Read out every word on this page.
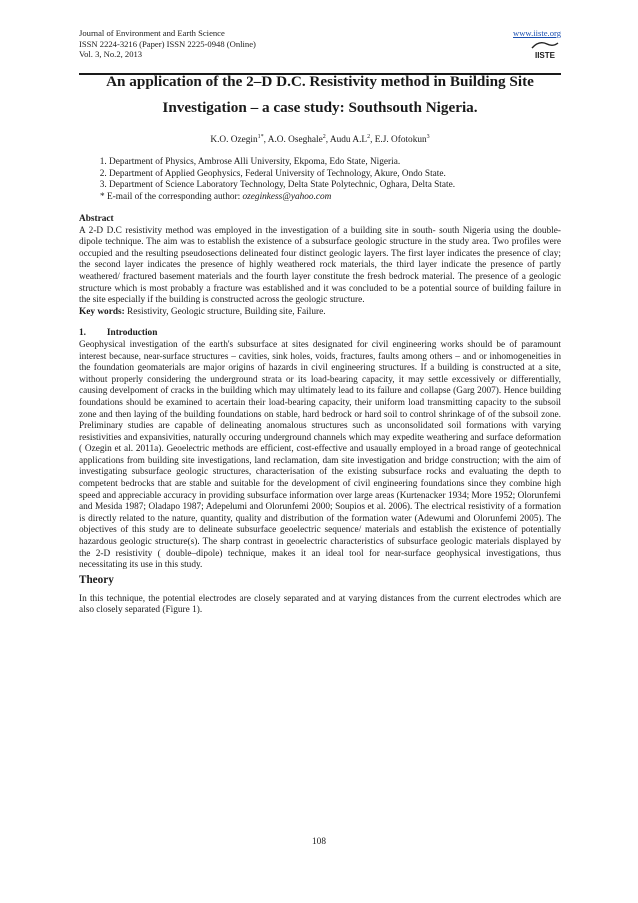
Journal of Environment and Earth Science
ISSN 2224-3216 (Paper) ISSN 2225-0948 (Online)
Vol. 3, No.2, 2013
www.iiste.org
IISTE
An application of the 2–D D.C. Resistivity method in Building Site
Investigation – a case study: Southsouth Nigeria.
K.O. Ozegin$^{1*}$, A.O. Oseghale$^2$, Audu $A.L^2$, E.J. Ofotokun$^3$
1. Department of Physics, Ambrose Alli University, Ekpoma, Edo State, Nigeria.
2. Department of Applied Geophysics, Federal University of Technology, Akure, Ondo State.
3. Department of Science Laboratory Technology, Delta State Polytechnic, Oghara, Delta State.
* E-mail of the corresponding author: ozeginkess@yahoo.com

Abstract

A 2-D D.C resistivity method was employed in the investigation of a building site in south- south Nigeria using the double-dipole technique. The aim was to establish the existence of a subsurface geologic structure in the study area. Two profiles were occupied and the resulting pseudosections delineated four distinct geologic layers. The first layer indicates the presence of clay; the second layer indicates the presence of highly weathered rock materials, the third layer indicate the presence of partly weathered/ fractured basement materials and the fourth layer constitute the fresh bedrock material. The presence of a geologic structure which is most probably a fracture was established and it was concluded to be a potential source of building failure in the site especially if the building is constructed across the geologic structure.

Key words: Resistivity, Geologic structure, Building site, Failure.

1. Introduction

Geophysical investigation of the earth's subsurface at sites designated for civil engineering works should be of paramount interest because, near-surface structures – cavities, sink holes, voids, fractures, faults among others – and or inhomogeneities in the foundation geomaterials are major origins of hazards in civil engineering structures. If a building is constructed at a site, without properly considering the underground strata or its load-bearing capacity, it may settle excessively or differentially, causing develpoment of cracks in the building which may ultimately lead to its failure and collapse (Garg 2007). Hence building foundations should be examined to acertain their load-bearing capacity, their uniform load transmitting capacity to the subsoil zone and then laying of the building foundations on stable, hard bedrock or hard soil to control shrinkage of of the subsoil zone. Preliminary studies are capable of delineating anomalous structures such as unconsolidated soil formations with varying resistivities and expansivities, naturally occuring underground channels which may expedite weathering and surface deformation ( Ozegin et al. 2011a). Geoelectric methods are efficient, cost-effective and usaually employed in a broad range of geotechnical applications from building site investigations, land reclamation, dam site investigation and bridge construction; with the aim of investigating subsurface geologic structures, characterisation of the existing subsurface rocks and evaluating the depth to competent bedrocks that are stable and suitable for the development of civil engineering foundations since they combine high speed and appreciable accuracy in providing subsurface information over large areas (Kurtenacker 1934; More 1952; Olorunfemi and Mesida 1987; Oladapo 1987; Adepelumi and Olorunfemi 2000; Soupios et al. 2006). The electrical resistivity of a formation is directly related to the nature, quantity, quality and distribution of the formation water (Adewumi and Olorunfemi 2005). The objectives of this study are to delineate subsurface geoelectric sequence/ materials and establish the existence of potentially hazardous geologic structure(s). The sharp contrast in geoelectric characteristics of subsurface geologic materials displayed by the 2-D resistivity ( double–dipole) technique, makes it an ideal tool for near-surface geophysical investigations, thus necessitating its use in this study.

Theory

In this technique, the potential electrodes are closely separated and at varying distances from the current electrodes which are also closely separated (Figure 1).

108
